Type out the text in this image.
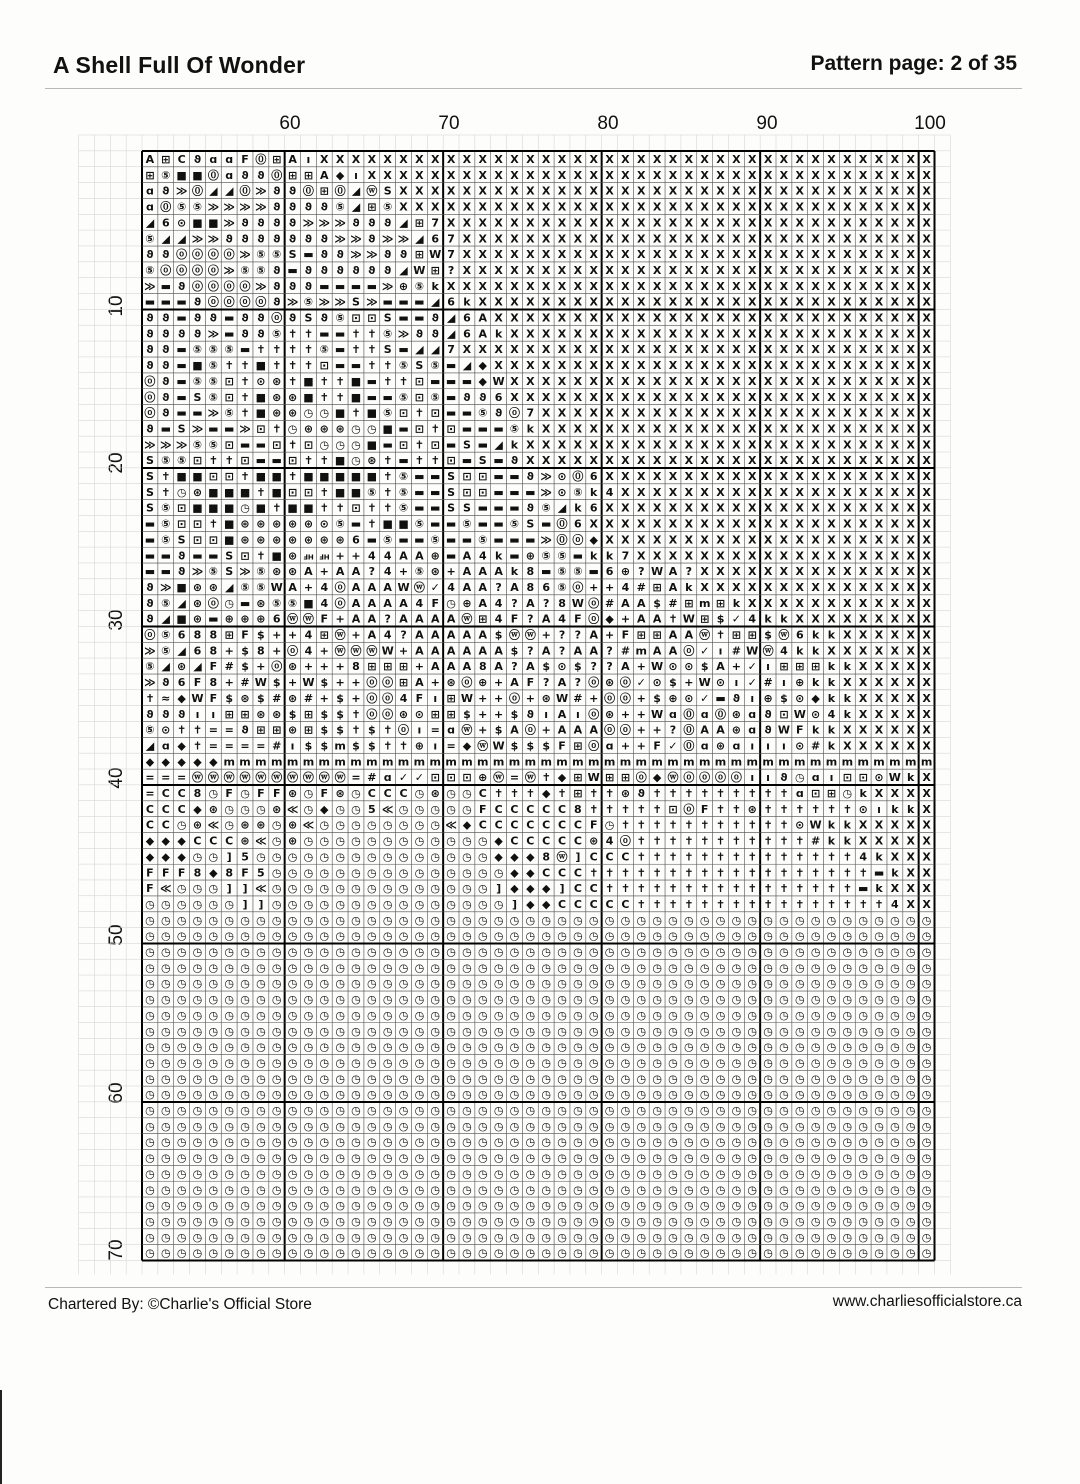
A Shell Full Of Wonder	Pattern page: 2 of 35
60	70	80	90	100
10
20
30
40
50
60
70
A ⊞ C ϑ ɑ ɑ F ⓪ ⊞ A ı X X X X X X X X X X X X X X X X X X X X X X X X X X X X X X X X X X X X X X X
⊞ ⑤ ■ ■ ⓪ ɑ ϑ ϑ ⓪ ⊞ ⊞ A ◆ ı X X X X X X X X X X X X X X X X X X X X X X X X X X X X X X X X X X X X
ɑ ϑ ≫ ⓪ ◢ ◢ ⓪ ≫ ϑ ϑ ⓪ ⊞ ⓪ ◢ ⓦ S X X X X X X X X X X X X X X X X X X X X X X X X X X X X X X X X X X
ɑ ⓪ ⑤ ⑤ ≫ ≫ ≫ ≫ ϑ ϑ ϑ ϑ ⑤ ◢ ⊞ ⑤ X X X X X X X X X X X X X X X X X X X X X X X X X X X X X X X X X X
◢ 6 ⊙ ■ ■ ≫ ϑ ϑ ϑ ϑ ≫ ≫ ≫ ϑ ϑ ϑ ◢ ⊞ 7 X X X X X X X X X X X X X X X X X X X X X X X X X X X X X X X
⑤ ◢ ◢ ≫ ≫ ϑ ϑ ϑ ϑ ϑ ϑ ϑ ≫ ≫ ϑ ≫ ≫ ◢ 6 7 X X X X X X X X X X X X X X X X X X X X X X X X X X X X X X
ϑ ϑ ⓞ ⓞ ⓞ ⓞ ≫ ⑤ ⑤ S ▬ ϑ ϑ ≫ ≫ ϑ ϑ ⊞ W 7 X X X X X X X X X X X X X X X X X X X X X X X X X X X X X X
⑤ ⓞ ⓞ ⓞ ⓞ ≫ ⑤ ⑤ ϑ ▬ ϑ ϑ ϑ ϑ ϑ ϑ ◢ W ⊞ ? X X X X X X X X X X X X X X X X X X X X X X X X X X X X X X
≫ ▬ ϑ ⓞ ⓞ ⓞ ⓞ ≫ ϑ ϑ ϑ ▬ ▬ ▬ ▬ ≫ ⊕ ⑤ k X X X X X X X X X X X X X X X X X X X X X X X X X X X X X X X
▬ ▬ ▬ ϑ ⓞ ⓞ ⓞ ⓞ ϑ ≫ ⑤ ≫ ≫ S ≫ ▬ ▬ ▬ ◢ 6 k X X X X X X X X X X X X X X X X X X X X X X X X X X X X X
ϑ ϑ ▬ ϑ ϑ ▬ ϑ ϑ ⓞ ϑ S ϑ ⑤ ⊡ ⊡ S ▬ ▬ ϑ ◢ 6 A X X X X X X X X X X X X X X X X X X X X X X X X X X X X
ϑ ϑ ϑ ϑ ≫ ▬ ϑ ϑ ⑤ ✝ ✝ ▬ ▬ ✝ ✝ ⑤ ≫ ϑ ϑ ◢ 6 A k X X X X X X X X X X X X X X X X X X X X X X X X X X X
ϑ ϑ ▬ ⑤ ⑤ ⑤ ▬ ✝ ✝ ✝ ✝ ⑤ ▬ ✝ ✝ S ▬ ◢ ◢ 7 X X X X X X X X X X X X X X X X X X X X X X X X X X X X X X
ϑ ϑ ▬ ■ ⑤ ✝ ✝ ■ ✝ ✝ ✝ ⊡ ▬ ▬ ✝ ✝ ⑤ S ⑤ ▬ ◢ ◆ X X X X X X X X X X X X X X X X X X X X X X X X X X X X
ⓞ ϑ ▬ ⑤ ⑤ ⊡ ✝ ⊙ ⊛ ✝ ■ ✝ ✝ ■ ▬ ✝ ✝ ⊡ ▬ ▬ ▬ ◆ W X X X X X X X X X X X X X X X X X X X X X X X X X X X
ⓞ ϑ ▬ S ⑤ ⊡ ✝ ■ ⊛ ⊛ ■ ✝ ✝ ■ ▬ ▬ ⑤ ⊡ ⑤ ▬ ϑ ϑ 6 X X X X X X X X X X X X X X X X X X X X X X X X X X X
ⓞ ϑ ▬ ▬ ≫ ⑤ ✝ ■ ⊛ ⊛ ◷ ◷ ■ ✝ ■ ⑤ ⊡ ✝ ⊡ ▬ ▬ ⑤ ϑ ⓞ 7 X X X X X X X X X X X X X X X X X X X X X X X X X
ϑ ▬ S ≫ ▬ ▬ ≫ ⊡ ✝ ◷ ⊛ ⊛ ⊛ ◷ ◷ ■ ▬ ⊡ ✝ ⊡ ▬ ▬ ▬ ⑤ k X X X X X X X X X X X X X X X X X X X X X X X X X
≫ ≫ ≫ ⑤ ⑤ ⊡ ▬ ▬ ⊡ ✝ ⊡ ◷ ◷ ◷ ■ ▬ ⊡ ✝ ⊡ ▬ S ▬ ◢ k X X X X X X X X X X X X X X X X X X X X X X X X X X
S ⑤ ⑤ ⊡ ✝ ✝ ⊡ ▬ ▬ ⊡ ✝ ✝ ■ ◷ ⊛ ✝ ▬ ✝ ✝ ⊡ ▬ S ▬ ϑ X X X X X X X X X X X X X X X X X X X X X X X X X X
S ✝ ■ ■ ⊡ ⊡ ✝ ■ ■ ✝ ■ ■ ■ ■ ■ ✝ ⑤ ▬ ▬ S ⊡ ⊡ ▬ ▬ ϑ ≫ ⊙ ⓪ 6 X X X X X X X X X X X X X X X X X X X X X
S ✝ ◷ ⊛ ■ ■ ■ ✝ ■ ⊡ ⊡ ✝ ■ ■ ⑤ ✝ ⑤ ▬ ▬ S ⊡ ⊡ ▬ ▬ ▬ ≫ ⊙ ⑤ k 4 X X X X X X X X X X X X X X X X X X X X
S ⑤ ⊡ ■ ■ ■ ◷ ■ ✝ ■ ■ ✝ ✝ ⊡ ✝ ✝ ⑤ ▬ ▬ S S ▬ ▬ ▬ ϑ ⑤ ◢ k 6 X X X X X X X X X X X X X X X X X X X X X
▬ ⑤ ⊡ ⊡ ✝ ■ ⊛ ⊛ ⊛ ⊛ ⊛ ⊙ ⑤ ▬ ✝ ■ ■ ⑤ ▬ ▬ ⑤ ▬ ▬ ⑤ S ▬ ⓪ 6 X X X X X X X X X X X X X X X X X X X X X X
▬ ⑤ S ⊡ ⊡ ■ ⊛ ⊛ ⊛ ⊛ ⊛ ⊛ ⊛ 6 ▬ ⑤ ▬ ▬ ⑤ ▬ ▬ ⑤ ▬ ▬ ▬ ≫ ⓪ ⓞ ◆ X X X X X X X X X X X X X X X X X X X X X
▬ ▬ ϑ ▬ ▬ S ⊡ ✝ ■ ⊛ ℲH ℲH + + 4 4 A A ⊕ ▬ A 4 k ▬ ⊕ ⑤ ⑤ ▬ k k 7 X X X X X X X X X X X X X X X X X X X
▬ ▬ ϑ ≫ ⑤ S ≫ ⑤ ⊛ ⊛ A + A A ? 4 + ⑤ ⊛ + A A A k 8 ▬ ⑤ ⑤ ▬ 6 ⊕ ? W A ? X X X X X X X X X X X X X X X
ϑ ≫ ■ ⊛ ⊛ ◢ ⑤ ⑤ W A + 4 ⓞ A A A W ⓦ ✓ 4 A A ? A 8 6 ⑤ ⓞ + + 4 # ⊞ A k X X X X X X X X X X X X X X X
ϑ ⑤ ◢ ⊛ ⓞ ◷ ▬ ⊛ ⑤ ⑤ ■ 4 ⓞ A A A A 4 F ◷ ⊕ A 4 ? A ? 8 W ⓞ # A A $ # ⊞ m ⊞ k X X X X X X X X X X X X
ϑ ◢ ■ ⊛ ▬ ⊕ ⊕ ⊕ 6 ⓦ ⓦ F + A A ? A A A A ⓦ ⊞ 4 F ? A 4 F ⓞ ◆ + A A ✝ W ⊞ $ ✓ 4 k k X X X X X X X X X
ⓞ ⑤ 6 8 8 ⊞ F $ + + 4 ⊞ ⓦ + A 4 ? A A A A A $ ⓦ ⓦ + ? ? A + F ⊞ ⊞ A A ⓦ ✝ ⊞ ⊞ $ ⓦ 6 k k X X X X X X
≫ ⑤ ◢ 6 8 + $ 8 + ⓞ 4 + ⓦ ⓦ ⓦ W + A A A A A A $ ? A ? A A ? # m A A ⓞ ✓ ı # W ⓦ 4 k k X X X X X X X
⑤ ◢ ⊛ ◢ F # $ + ⓞ ⊛ + + + 8 ⊞ ⊞ ⊞ + A A A 8 A ? A $ ⊙ $ ? ? A + W ⊙ ⊙ $ A + ✓ ı ⊞ ⊞ ⊞ k k X X X X X
≫ ϑ 6 F 8 + # W $ + W $ + + ⓞ ⓞ ⊞ A + ⊛ ⓞ ⊕ + A F ? A ? ⓞ ⊛ ⓞ ✓ ⊙ $ + W ⊙ ı ✓ # ı ⊕ k k X X X X X X
✝ ≈ ◆ W F $ ⊛ $ # ⊛ # + $ + ⓞ ⓞ 4 F ı ⊞ W + + ⓞ + ⊛ W # + ⓞ ⓞ + $ ⊕ ⊙ ✓ ▬ ϑ ı ⊕ $ ⊙ ◆ k k X X X X X
ϑ ϑ ϑ ı ı ⊞ ⊞ ⊛ ⊛ $ ⊞ $ $ ✝ ⓞ ⓞ ⊛ ⊙ ⊞ ⊞ $ + + $ ϑ ı A ı ⓞ ⊛ + + W ɑ ⓪ ɑ ⓪ ⊛ ɑ ϑ ⊡ W ⊙ 4 k X X X X X
⑤ ⊙ ✝ ✝ = = ϑ ⊞ ⊞ ⊛ ⊞ $ $ ✝ $ ✝ ⓞ ı = ɑ ⓦ + $ A ⓞ + A A A ⓞ ⓞ + + ? ⓪ A A ⊛ ɑ ϑ W F k k X X X X X X
◢ ɑ ◆ ✝ = = = = # ı $ $ m $ $ ✝ ✝ ⊕ ı = ◆ ⓦ W $ $ $ F ⊞ ⓞ ɑ + + F ✓ ⓪ ɑ ⊛ ɑ ı ı ı ⊙ # k X X X X X X
◆ ◆ ◆ ◆ ◆ m m m m m m m m m m m m m m m m m m m m m m m m m m m m m m m m m m m m m m m m m m m m m
= = = ⓦ ⓦ ⓦ ⓦ ⓦ ⓦ ⓦ ⓦ ⓦ ⓦ = # ɑ ✓ ✓ ⊡ ⊡ ⊡ ⊕ ⓦ = ⓦ ✝ ◆ ⊞ W ⊞ ⊞ ⓞ ◆ ⓦ ⓞ ⓞ ⓞ ⓞ ı ı ϑ ◷ ɑ ı ⊡ ⊡ ⊙ W k X
= C C 8 ◷ F ◷ F F ⊛ ◷ F ⊛ ◷ C C C ◷ ⊛ ◷ ◷ C ✝ ✝ ✝ ◆ ✝ ⊞ ✝ ✝ ⊛ ϑ ✝ ✝ ✝ ✝ ✝ ✝ ✝ ✝ ✝ ɑ ⊡ ⊞ ◷ k X X X X
C C C ◆ ⊛ ◷ ◷ ◷ ⊛ ≪ ◷ ◆ ◷ ◷ 5 ≪ ◷ ◷ ◷ ◷ ◷ F C C C C C 8 ✝ ✝ ✝ ✝ ✝ ⊡ ⓞ F ✝ ✝ ⊛ ✝ ✝ ✝ ✝ ✝ ✝ ⊙ ı k k X
C C ◷ ⊛ ≪ ◷ ⊛ ⊛ ◷ ⊛ ≪ ◷ ◷ ◷ ◷ ◷ ◷ ◷ ◷ ≪ ◆ C C C C C C C F ◷ ✝ ✝ ✝ ✝ ✝ ✝ ✝ ✝ ✝ ✝ ✝ ⊙ W k k X X X X X
◆ ◆ ◆ C C C ⊛ ≪ ◷ ⊛ ◷ ◷ ◷ ◷ ◷ ◷ ◷ ◷ ◷ ◷ ◷ ◷ ◆ C C C C C ⊛ 4 ⓞ ✝ ✝ ✝ ✝ ✝ ✝ ✝ ✝ ✝ ✝ ✝ # k k X X X X X
◆ ◆ ◆ ◷ ◷ ] 5 ◷ ◷ ◷ ◷ ◷ ◷ ◷ ◷ ◷ ◷ ◷ ◷ ◷ ◷ ◷ ◆ ◆ ◆ 8 ⓦ ] C C C ✝ ✝ ✝ ✝ ✝ ✝ ✝ ✝ ✝ ✝ ✝ ✝ ✝ ✝ 4 k X X X
F F F 8 ◆ 8 F 5 ◷ ◷ ◷ ◷ ◷ ◷ ◷ ◷ ◷ ◷ ◷ ◷ ◷ ◷ ◷ ◆ ◆ C C C ✝ ✝ ✝ ✝ ✝ ✝ ✝ ✝ ✝ ✝ ✝ ✝ ✝ ✝ ✝ ✝ ✝ ✝ ▬ k X X
F ≪ ◷ ◷ ◷ ] ] ≪ ◷ ◷ ◷ ◷ ◷ ◷ ◷ ◷ ◷ ◷ ◷ ◷ ◷ ◷ ] ◆ ◆ ◆ ] C C ✝ ✝ ✝ ✝ ✝ ✝ ✝ ✝ ✝ ✝ ✝ ✝ ✝ ✝ ✝ ✝ ▬ k X X X
◷ ◷ ◷ ◷ ◷ ◷ ] ] ◷ ◷ ◷ ◷ ◷ ◷ ◷ ◷ ◷ ◷ ◷ ◷ ◷ ◷ ◷ ] ◆ ◆ C C C C C ✝ ✝ ✝ ✝ ✝ ✝ ✝ ✝ ✝ ✝ ✝ ✝ ✝ ✝ ✝ ✝ 4 X X
◷ ◷ ◷ ◷ ◷ ◷ ◷ ◷ ◷ ◷ ◷ ◷ ◷ ◷ ◷ ◷ ◷ ◷ ◷ ◷ ◷ ◷ ◷ ◷ ◷ ◷ ◷ ◷ ◷ ◷ ◷ ◷ ◷ ◷ ◷ ◷ ◷ ◷ ◷ ◷ ◷ ◷ ◷ ◷ ◷ ◷ ◷ ◷ ◷ ◷
◷ ◷ ◷ ◷ ◷ ◷ ◷ ◷ ◷ ◷ ◷ ◷ ◷ ◷ ◷ ◷ ◷ ◷ ◷ ◷ ◷ ◷ ◷ ◷ ◷ ◷ ◷ ◷ ◷ ◷ ◷ ◷ ◷ ◷ ◷ ◷ ◷ ◷ ◷ ◷ ◷ ◷ ◷ ◷ ◷ ◷ ◷ ◷ ◷ ◷
◷ ◷ ◷ ◷ ◷ ◷ ◷ ◷ ◷ ◷ ◷ ◷ ◷ ◷ ◷ ◷ ◷ ◷ ◷ ◷ ◷ ◷ ◷ ◷ ◷ ◷ ◷ ◷ ◷ ◷ ◷ ◷ ◷ ◷ ◷ ◷ ◷ ◷ ◷ ◷ ◷ ◷ ◷ ◷ ◷ ◷ ◷ ◷ ◷ ◷
◷ ◷ ◷ ◷ ◷ ◷ ◷ ◷ ◷ ◷ ◷ ◷ ◷ ◷ ◷ ◷ ◷ ◷ ◷ ◷ ◷ ◷ ◷ ◷ ◷ ◷ ◷ ◷ ◷ ◷ ◷ ◷ ◷ ◷ ◷ ◷ ◷ ◷ ◷ ◷ ◷ ◷ ◷ ◷ ◷ ◷ ◷ ◷ ◷ ◷
◷ ◷ ◷ ◷ ◷ ◷ ◷ ◷ ◷ ◷ ◷ ◷ ◷ ◷ ◷ ◷ ◷ ◷ ◷ ◷ ◷ ◷ ◷ ◷ ◷ ◷ ◷ ◷ ◷ ◷ ◷ ◷ ◷ ◷ ◷ ◷ ◷ ◷ ◷ ◷ ◷ ◷ ◷ ◷ ◷ ◷ ◷ ◷ ◷ ◷
◷ ◷ ◷ ◷ ◷ ◷ ◷ ◷ ◷ ◷ ◷ ◷ ◷ ◷ ◷ ◷ ◷ ◷ ◷ ◷ ◷ ◷ ◷ ◷ ◷ ◷ ◷ ◷ ◷ ◷ ◷ ◷ ◷ ◷ ◷ ◷ ◷ ◷ ◷ ◷ ◷ ◷ ◷ ◷ ◷ ◷ ◷ ◷ ◷ ◷
◷ ◷ ◷ ◷ ◷ ◷ ◷ ◷ ◷ ◷ ◷ ◷ ◷ ◷ ◷ ◷ ◷ ◷ ◷ ◷ ◷ ◷ ◷ ◷ ◷ ◷ ◷ ◷ ◷ ◷ ◷ ◷ ◷ ◷ ◷ ◷ ◷ ◷ ◷ ◷ ◷ ◷ ◷ ◷ ◷ ◷ ◷ ◷ ◷ ◷
◷ ◷ ◷ ◷ ◷ ◷ ◷ ◷ ◷ ◷ ◷ ◷ ◷ ◷ ◷ ◷ ◷ ◷ ◷ ◷ ◷ ◷ ◷ ◷ ◷ ◷ ◷ ◷ ◷ ◷ ◷ ◷ ◷ ◷ ◷ ◷ ◷ ◷ ◷ ◷ ◷ ◷ ◷ ◷ ◷ ◷ ◷ ◷ ◷ ◷
◷ ◷ ◷ ◷ ◷ ◷ ◷ ◷ ◷ ◷ ◷ ◷ ◷ ◷ ◷ ◷ ◷ ◷ ◷ ◷ ◷ ◷ ◷ ◷ ◷ ◷ ◷ ◷ ◷ ◷ ◷ ◷ ◷ ◷ ◷ ◷ ◷ ◷ ◷ ◷ ◷ ◷ ◷ ◷ ◷ ◷ ◷ ◷ ◷ ◷
◷ ◷ ◷ ◷ ◷ ◷ ◷ ◷ ◷ ◷ ◷ ◷ ◷ ◷ ◷ ◷ ◷ ◷ ◷ ◷ ◷ ◷ ◷ ◷ ◷ ◷ ◷ ◷ ◷ ◷ ◷ ◷ ◷ ◷ ◷ ◷ ◷ ◷ ◷ ◷ ◷ ◷ ◷ ◷ ◷ ◷ ◷ ◷ ◷ ◷
◷ ◷ ◷ ◷ ◷ ◷ ◷ ◷ ◷ ◷ ◷ ◷ ◷ ◷ ◷ ◷ ◷ ◷ ◷ ◷ ◷ ◷ ◷ ◷ ◷ ◷ ◷ ◷ ◷ ◷ ◷ ◷ ◷ ◷ ◷ ◷ ◷ ◷ ◷ ◷ ◷ ◷ ◷ ◷ ◷ ◷ ◷ ◷ ◷ ◷
◷ ◷ ◷ ◷ ◷ ◷ ◷ ◷ ◷ ◷ ◷ ◷ ◷ ◷ ◷ ◷ ◷ ◷ ◷ ◷ ◷ ◷ ◷ ◷ ◷ ◷ ◷ ◷ ◷ ◷ ◷ ◷ ◷ ◷ ◷ ◷ ◷ ◷ ◷ ◷ ◷ ◷ ◷ ◷ ◷ ◷ ◷ ◷ ◷ ◷
◷ ◷ ◷ ◷ ◷ ◷ ◷ ◷ ◷ ◷ ◷ ◷ ◷ ◷ ◷ ◷ ◷ ◷ ◷ ◷ ◷ ◷ ◷ ◷ ◷ ◷ ◷ ◷ ◷ ◷ ◷ ◷ ◷ ◷ ◷ ◷ ◷ ◷ ◷ ◷ ◷ ◷ ◷ ◷ ◷ ◷ ◷ ◷ ◷ ◷
◷ ◷ ◷ ◷ ◷ ◷ ◷ ◷ ◷ ◷ ◷ ◷ ◷ ◷ ◷ ◷ ◷ ◷ ◷ ◷ ◷ ◷ ◷ ◷ ◷ ◷ ◷ ◷ ◷ ◷ ◷ ◷ ◷ ◷ ◷ ◷ ◷ ◷ ◷ ◷ ◷ ◷ ◷ ◷ ◷ ◷ ◷ ◷ ◷ ◷
◷ ◷ ◷ ◷ ◷ ◷ ◷ ◷ ◷ ◷ ◷ ◷ ◷ ◷ ◷ ◷ ◷ ◷ ◷ ◷ ◷ ◷ ◷ ◷ ◷ ◷ ◷ ◷ ◷ ◷ ◷ ◷ ◷ ◷ ◷ ◷ ◷ ◷ ◷ ◷ ◷ ◷ ◷ ◷ ◷ ◷ ◷ ◷ ◷ ◷
◷ ◷ ◷ ◷ ◷ ◷ ◷ ◷ ◷ ◷ ◷ ◷ ◷ ◷ ◷ ◷ ◷ ◷ ◷ ◷ ◷ ◷ ◷ ◷ ◷ ◷ ◷ ◷ ◷ ◷ ◷ ◷ ◷ ◷ ◷ ◷ ◷ ◷ ◷ ◷ ◷ ◷ ◷ ◷ ◷ ◷ ◷ ◷ ◷ ◷
◷ ◷ ◷ ◷ ◷ ◷ ◷ ◷ ◷ ◷ ◷ ◷ ◷ ◷ ◷ ◷ ◷ ◷ ◷ ◷ ◷ ◷ ◷ ◷ ◷ ◷ ◷ ◷ ◷ ◷ ◷ ◷ ◷ ◷ ◷ ◷ ◷ ◷ ◷ ◷ ◷ ◷ ◷ ◷ ◷ ◷ ◷ ◷ ◷ ◷
◷ ◷ ◷ ◷ ◷ ◷ ◷ ◷ ◷ ◷ ◷ ◷ ◷ ◷ ◷ ◷ ◷ ◷ ◷ ◷ ◷ ◷ ◷ ◷ ◷ ◷ ◷ ◷ ◷ ◷ ◷ ◷ ◷ ◷ ◷ ◷ ◷ ◷ ◷ ◷ ◷ ◷ ◷ ◷ ◷ ◷ ◷ ◷ ◷ ◷
◷ ◷ ◷ ◷ ◷ ◷ ◷ ◷ ◷ ◷ ◷ ◷ ◷ ◷ ◷ ◷ ◷ ◷ ◷ ◷ ◷ ◷ ◷ ◷ ◷ ◷ ◷ ◷ ◷ ◷ ◷ ◷ ◷ ◷ ◷ ◷ ◷ ◷ ◷ ◷ ◷ ◷ ◷ ◷ ◷ ◷ ◷ ◷ ◷ ◷
◷ ◷ ◷ ◷ ◷ ◷ ◷ ◷ ◷ ◷ ◷ ◷ ◷ ◷ ◷ ◷ ◷ ◷ ◷ ◷ ◷ ◷ ◷ ◷ ◷ ◷ ◷ ◷ ◷ ◷ ◷ ◷ ◷ ◷ ◷ ◷ ◷ ◷ ◷ ◷ ◷ ◷ ◷ ◷ ◷ ◷ ◷ ◷ ◷ ◷
◷ ◷ ◷ ◷ ◷ ◷ ◷ ◷ ◷ ◷ ◷ ◷ ◷ ◷ ◷ ◷ ◷ ◷ ◷ ◷ ◷ ◷ ◷ ◷ ◷ ◷ ◷ ◷ ◷ ◷ ◷ ◷ ◷ ◷ ◷ ◷ ◷ ◷ ◷ ◷ ◷ ◷ ◷ ◷ ◷ ◷ ◷ ◷ ◷ ◷
◷ ◷ ◷ ◷ ◷ ◷ ◷ ◷ ◷ ◷ ◷ ◷ ◷ ◷ ◷ ◷ ◷ ◷ ◷ ◷ ◷ ◷ ◷ ◷ ◷ ◷ ◷ ◷ ◷ ◷ ◷ ◷ ◷ ◷ ◷ ◷ ◷ ◷ ◷ ◷ ◷ ◷ ◷ ◷ ◷ ◷ ◷ ◷ ◷ ◷
Chartered By: ©Charlie's Official Store	www.charliesofficialstore.ca
